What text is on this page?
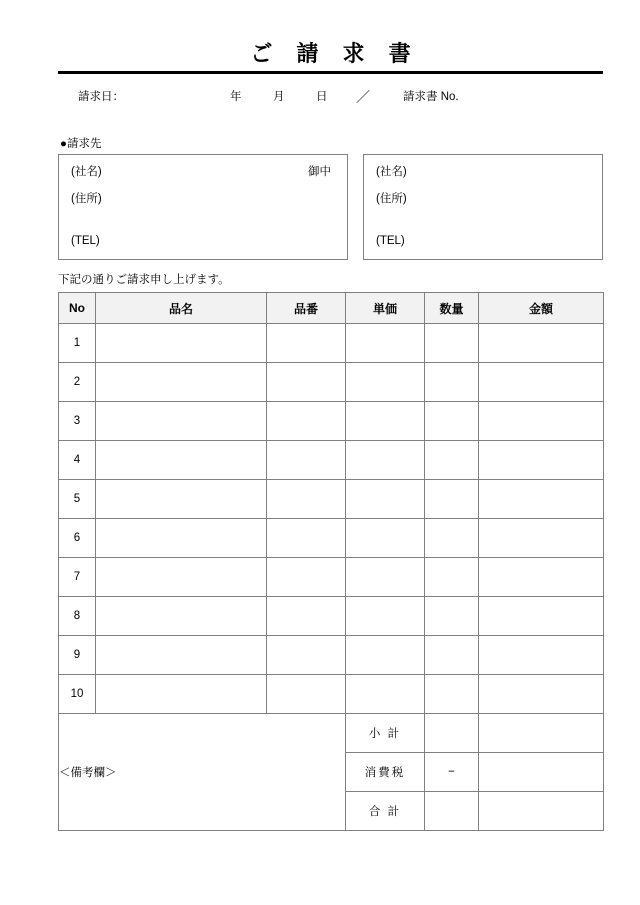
ご 請 求 書
請求日：	年	月	日 ／	請求書 No.
●請求先
(社名)	御中
(住所)
(TEL)
(社名)
(住所)
(TEL)
下記の通りご請求申し上げます。
No	品名	品番	単価	数量	金額
1					
2					
3					
4					
5					
6					
7					
8					
9					
10					
＜備考欄＞			小 計		
			消費税	−	
			合 計		
